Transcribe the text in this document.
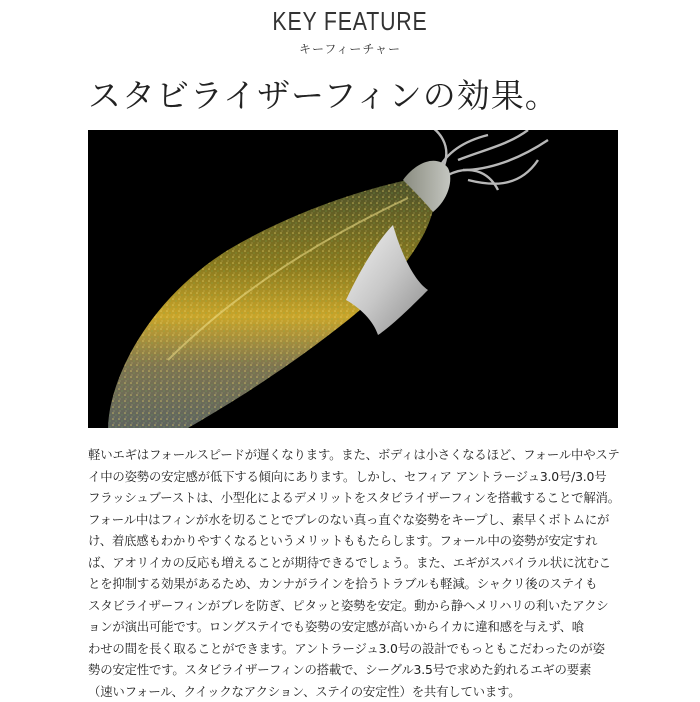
KEY FEATURE
キーフィーチャー
スタビライザーフィンの効果。
軽いエギはフォールスピードが遅くなります。また、ボディは小さくなるほど、フォール中やステ
イ中の姿勢の安定感が低下する傾向にあります。しかし、セフィア アントラージュ3.0号/3.0号
フラッシュブーストは、小型化によるデメリットをスタビライザーフィンを搭載することで解消。
フォール中はフィンが水を切ることでブレのない真っ直ぐな姿勢をキープし、素早くボトムにが
け、着底感もわかりやすくなるというメリットももたらします。フォール中の姿勢が安定すれ
ば、アオリイカの反応も増えることが期待できるでしょう。また、エギがスパイラル状に沈むこ
とを抑制する効果があるため、カンナがラインを拾うトラブルも軽減。シャクリ後のステイも
スタビライザーフィンがブレを防ぎ、ピタッと姿勢を安定。動から静へメリハリの利いたアクシ
ョンが演出可能です。ロングステイでも姿勢の安定感が高いからイカに違和感を与えず、喰
わせの間を長く取ることができます。アントラージュ3.0号の設計でもっともこだわったのが姿
勢の安定性です。スタビライザーフィンの搭載で、シーグル3.5号で求めた釣れるエギの要素
（速いフォール、クイックなアクション、ステイの安定性）を共有しています。
